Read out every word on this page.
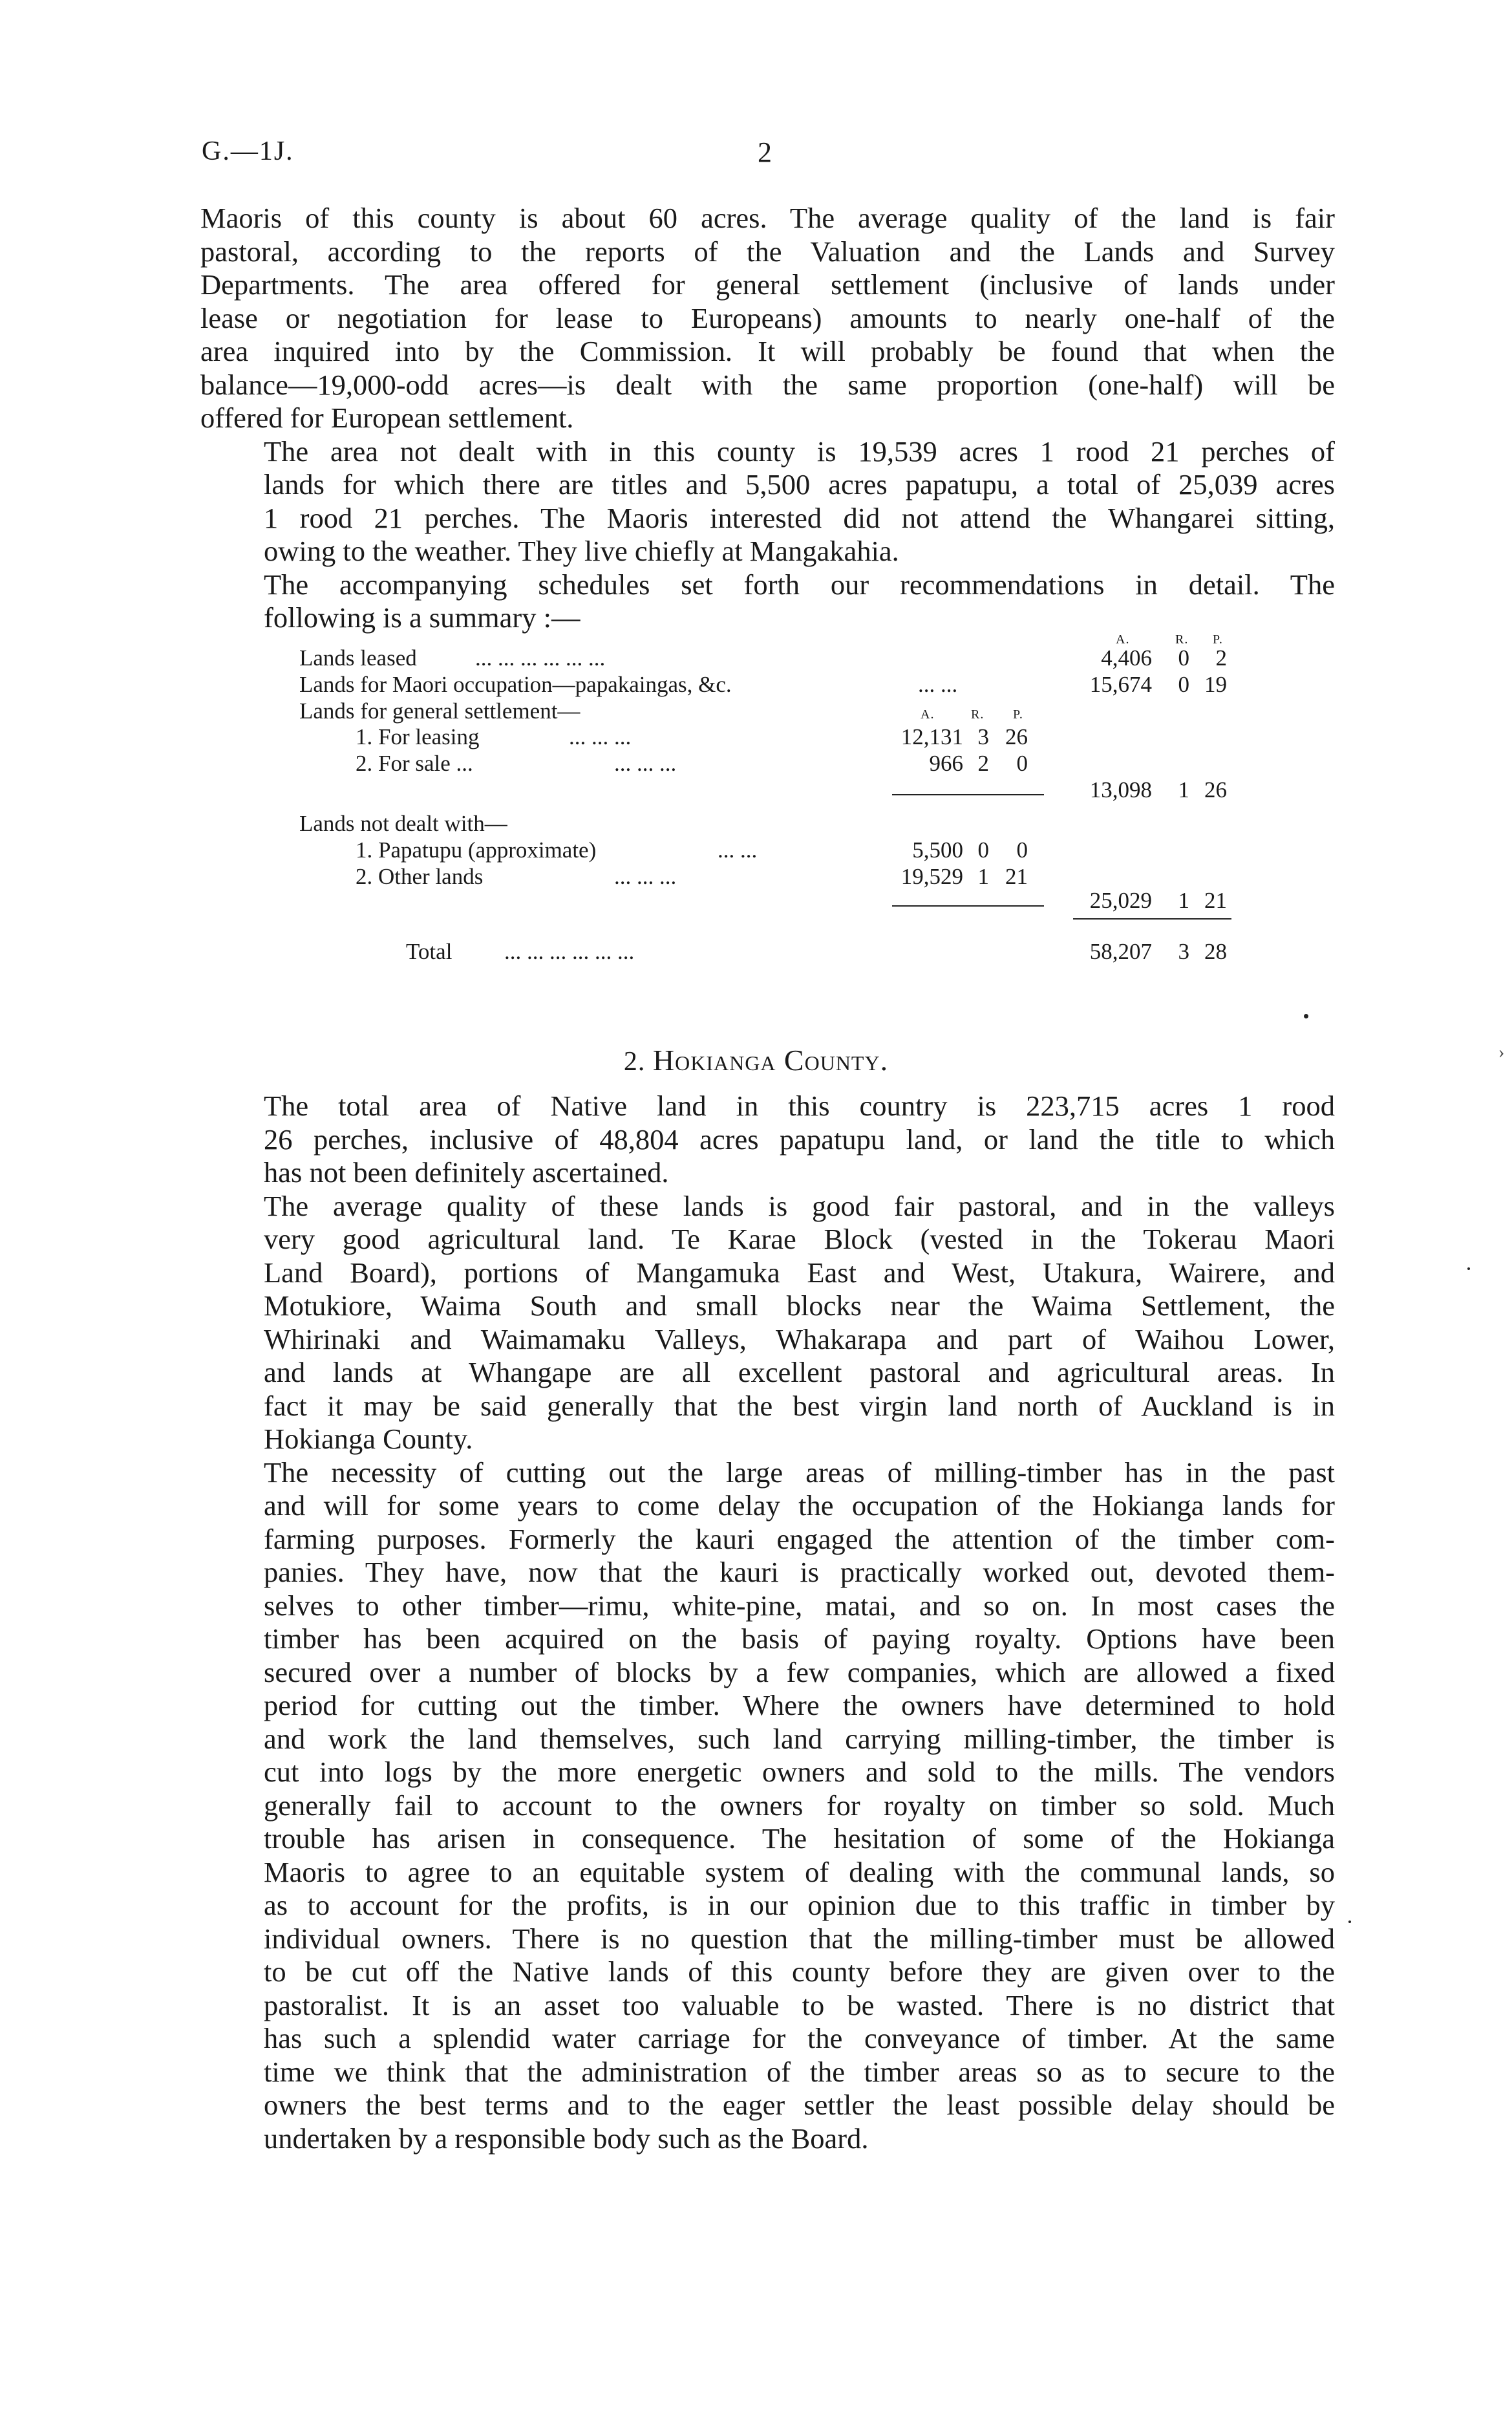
G.—1J.	2

Maoris of this county is about 60 acres. The average quality of the land is fair
pastoral, according to the reports of the Valuation and the Lands and Survey
Departments. The area offered for general settlement (inclusive of lands under
lease or negotiation for lease to Europeans) amounts to nearly one-half of the
area inquired into by the Commission. It will probably be found that when the
balance—19,000-odd acres—is dealt with the same proportion (one-half) will be
offered for European settlement.

The area not dealt with in this county is 19,539 acres 1 rood 21 perches of
lands for which there are titles and 5,500 acres papatupu, a total of 25,039 acres
1 rood 21 perches. The Maoris interested did not attend the Whangarei sitting,
owing to the weather. They live chiefly at Mangakahia.

The accompanying schedules set forth our recommendations in detail. The
following is a summary :—

A.	R. P.
Lands leased	... ... ... ... ... ...	4,406	0	2
Lands for Maori occupation—papakaingas, &c.	... ...	15,674	0 19
Lands for general settlement—	A.	R. P.
1. For leasing	... ... ...	12,131 3 26
2. For sale ...	... ... ...	966 2	0
13,098	1 26
Lands not dealt with—
1. Papatupu (approximate)	... ...	5,500 0	0
2. Other lands	... ... ...	19,529 1 21
25,029	1 21
Total ... ... ... ... ... ...	58,207	3 28
2. Hokianga County.

The total area of Native land in this country is 223,715 acres 1 rood
26 perches, inclusive of 48,804 acres papatupu land, or land the title to which
has not been definitely ascertained.

The average quality of these lands is good fair pastoral, and in the valleys
very good agricultural land. Te Karae Block (vested in the Tokerau Maori
Land Board), portions of Mangamuka East and West, Utakura, Wairere, and
Motukiore, Waima South and small blocks near the Waima Settlement, the
Whirinaki and Waimamaku Valleys, Whakarapa and part of Waihou Lower,
and lands at Whangape are all excellent pastoral and agricultural areas. In
fact it may be said generally that the best virgin land north of Auckland is in
Hokianga County.

The necessity of cutting out the large areas of milling-timber has in the past
and will for some years to come delay the occupation of the Hokianga lands for
farming purposes. Formerly the kauri engaged the attention of the timber com-
panies. They have, now that the kauri is practically worked out, devoted them-
selves to other timber—rimu, white-pine, matai, and so on. In most cases the
timber has been acquired on the basis of paying royalty. Options have been
secured over a number of blocks by a few companies, which are allowed a fixed
period for cutting out the timber. Where the owners have determined to hold
and work the land themselves, such land carrying milling-timber, the timber is
cut into logs by the more energetic owners and sold to the mills. The vendors
generally fail to account to the owners for royalty on timber so sold. Much
trouble has arisen in consequence. The hesitation of some of the Hokianga
Maoris to agree to an equitable system of dealing with the communal lands, so
as to account for the profits, is in our opinion due to this traffic in timber by
individual owners. There is no question that the milling-timber must be allowed
to be cut off the Native lands of this county before they are given over to the
pastoralist. It is an asset too valuable to be wasted. There is no district that
has such a splendid water carriage for the conveyance of timber. At the same
time we think that the administration of the timber areas so as to secure to the
owners the best terms and to the eager settler the least possible delay should be
undertaken by a responsible body such as the Board.

›
